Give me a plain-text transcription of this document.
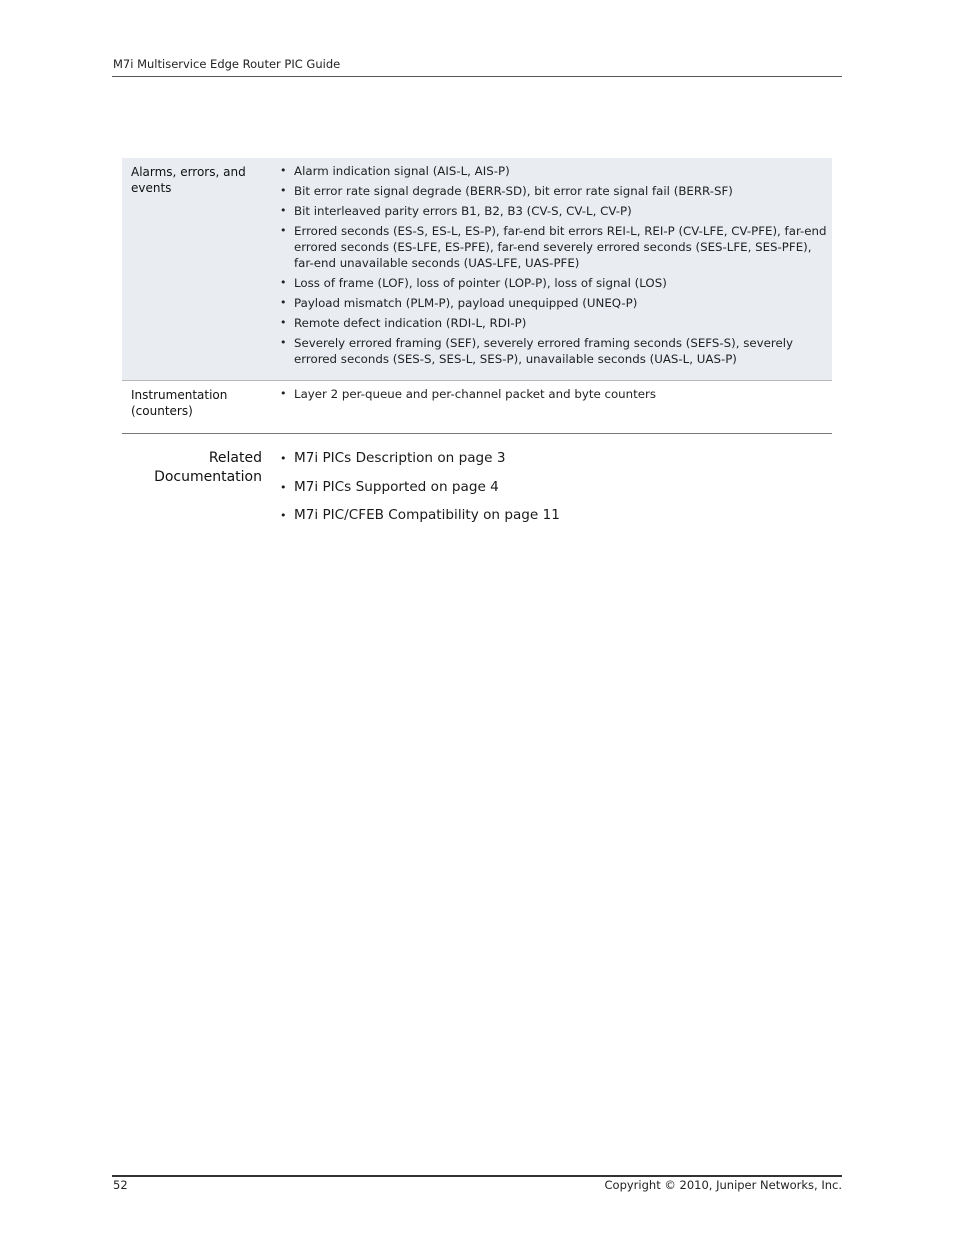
M7i Multiservice Edge Router PIC Guide
Alarms, errors, and
events
• Alarm indication signal (AIS-L, AIS-P)
• Bit error rate signal degrade (BERR-SD), bit error rate signal fail (BERR-SF)
• Bit interleaved parity errors B1, B2, B3 (CV-S, CV-L, CV-P)
• Errored seconds (ES-S, ES-L, ES-P), far-end bit errors REI-L, REI-P (CV-LFE, CV-PFE), far-end errored seconds (ES-LFE, ES-PFE), far-end severely errored seconds (SES-LFE, SES-PFE), far-end unavailable seconds (UAS-LFE, UAS-PFE)
• Loss of frame (LOF), loss of pointer (LOP-P), loss of signal (LOS)
• Payload mismatch (PLM-P), payload unequipped (UNEQ-P)
• Remote defect indication (RDI-L, RDI-P)
• Severely errored framing (SEF), severely errored framing seconds (SEFS-S), severely errored seconds (SES-S, SES-L, SES-P), unavailable seconds (UAS-L, UAS-P)
Instrumentation
(counters)
• Layer 2 per-queue and per-channel packet and byte counters
Related
Documentation
• M7i PICs Description on page 3
• M7i PICs Supported on page 4
• M7i PIC/CFEB Compatibility on page 11
52	Copyright © 2010, Juniper Networks, Inc.
